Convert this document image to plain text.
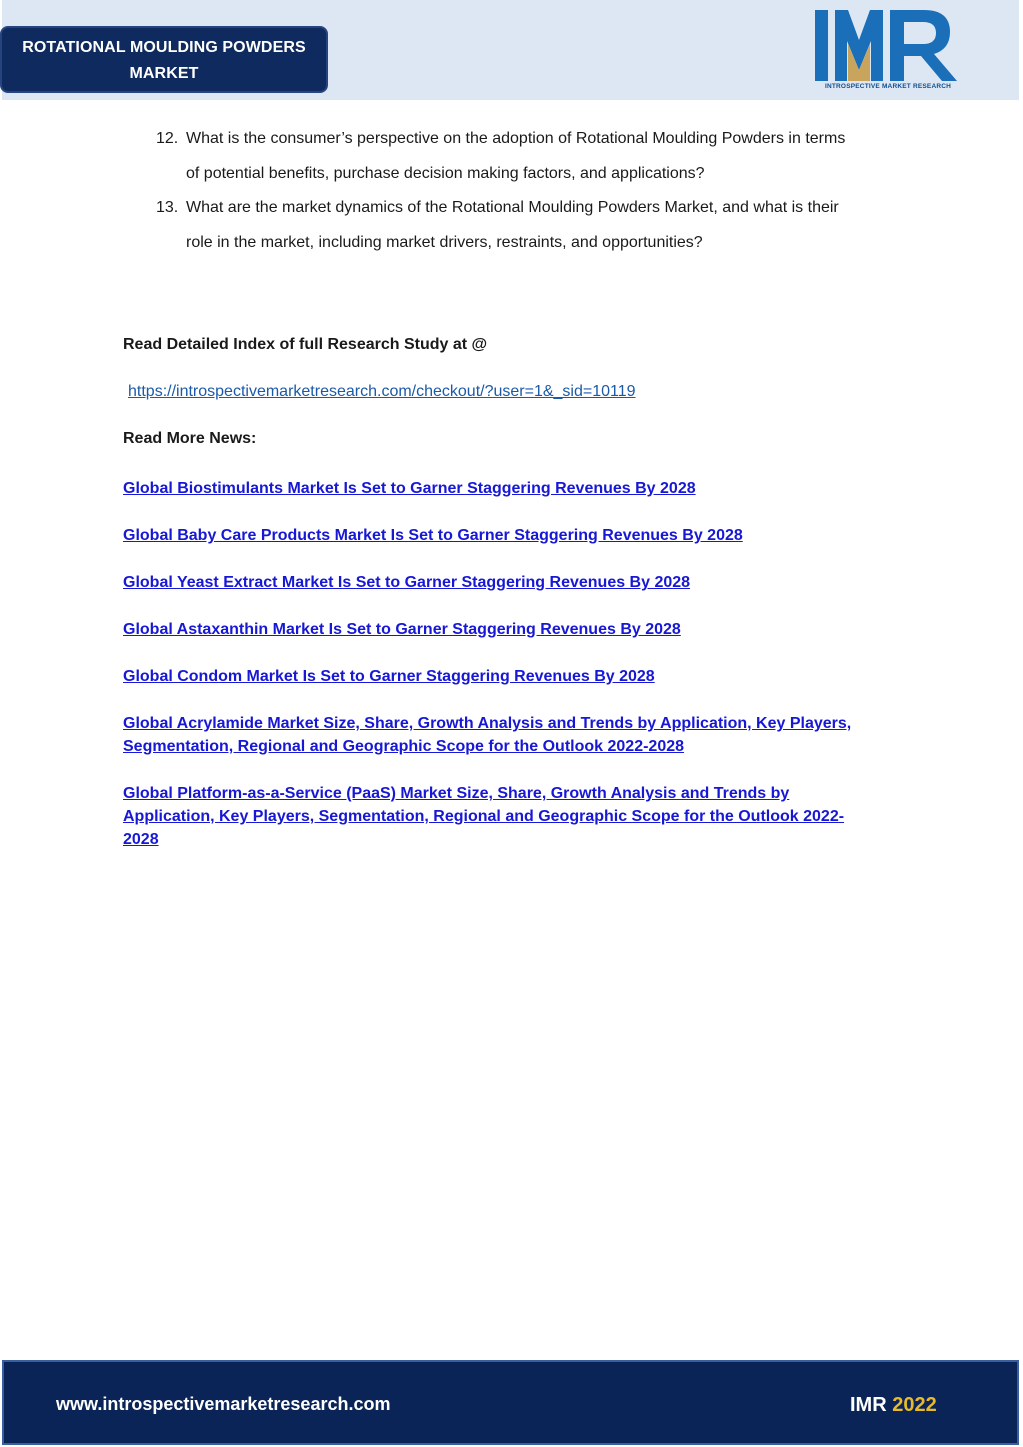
ROTATIONAL MOULDING POWDERS
MARKET
INTROSPECTIVE MARKET RESEARCH
12. What is the consumer’s perspective on the adoption of Rotational Moulding Powders in terms
of potential benefits, purchase decision making factors, and applications?
13. What are the market dynamics of the Rotational Moulding Powders Market, and what is their
role in the market, including market drivers, restraints, and opportunities?
Read Detailed Index of full Research Study at @
https://introspectivemarketresearch.com/checkout/?user=1&_sid=10119
Read More News:
Global Biostimulants Market Is Set to Garner Staggering Revenues By 2028
Global Baby Care Products Market Is Set to Garner Staggering Revenues By 2028
Global Yeast Extract Market Is Set to Garner Staggering Revenues By 2028
Global Astaxanthin Market Is Set to Garner Staggering Revenues By 2028
Global Condom Market Is Set to Garner Staggering Revenues By 2028
Global Acrylamide Market Size, Share, Growth Analysis and Trends by Application, Key Players,
Segmentation, Regional and Geographic Scope for the Outlook 2022-2028
Global Platform-as-a-Service (PaaS) Market Size, Share, Growth Analysis and Trends by
Application, Key Players, Segmentation, Regional and Geographic Scope for the Outlook 2022-
2028
www.introspectivemarketresearch.com	IMR 2022
